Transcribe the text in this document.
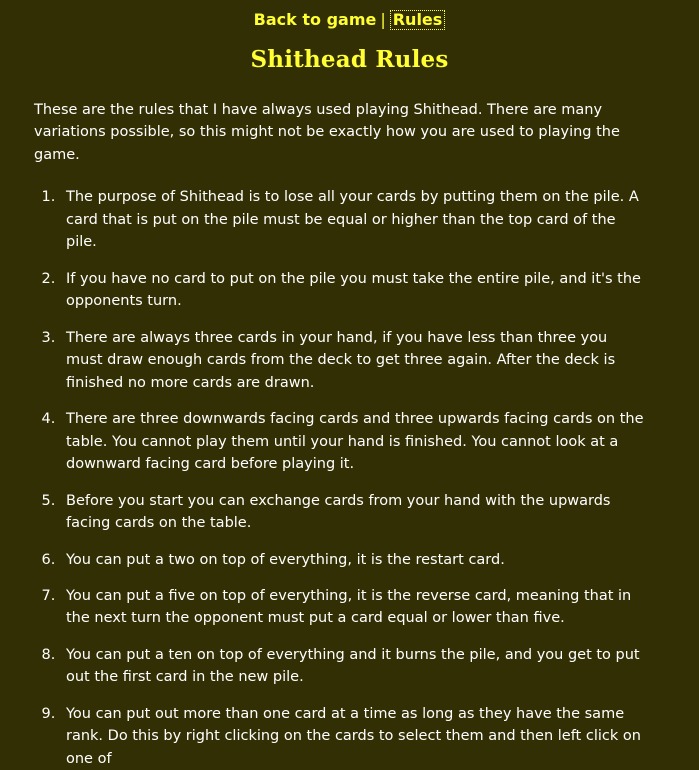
Back to game | Rules
Shithead Rules

These are the rules that I have always used playing Shithead. There are many variations possible, so this might not be exactly how you are used to playing the game.

1. The purpose of Shithead is to lose all your cards by putting them on the pile. A card that is put on the pile must be equal or higher than the top card of the pile.
2. If you have no card to put on the pile you must take the entire pile, and it's the opponents turn.
3. There are always three cards in your hand, if you have less than three you must draw enough cards from the deck to get three again. After the deck is finished no more cards are drawn.
4. There are three downwards facing cards and three upwards facing cards on the table. You cannot play them until your hand is finished. You cannot look at a downward facing card before playing it.
5. Before you start you can exchange cards from your hand with the upwards facing cards on the table.
6. You can put a two on top of everything, it is the restart card.
7. You can put a five on top of everything, it is the reverse card, meaning that in the next turn the opponent must put a card equal or lower than five.
8. You can put a ten on top of everything and it burns the pile, and you get to put out the first card in the new pile.
9. You can put out more than one card at a time as long as they have the same rank. Do this by right clicking on the cards to select them and then left click on one of
